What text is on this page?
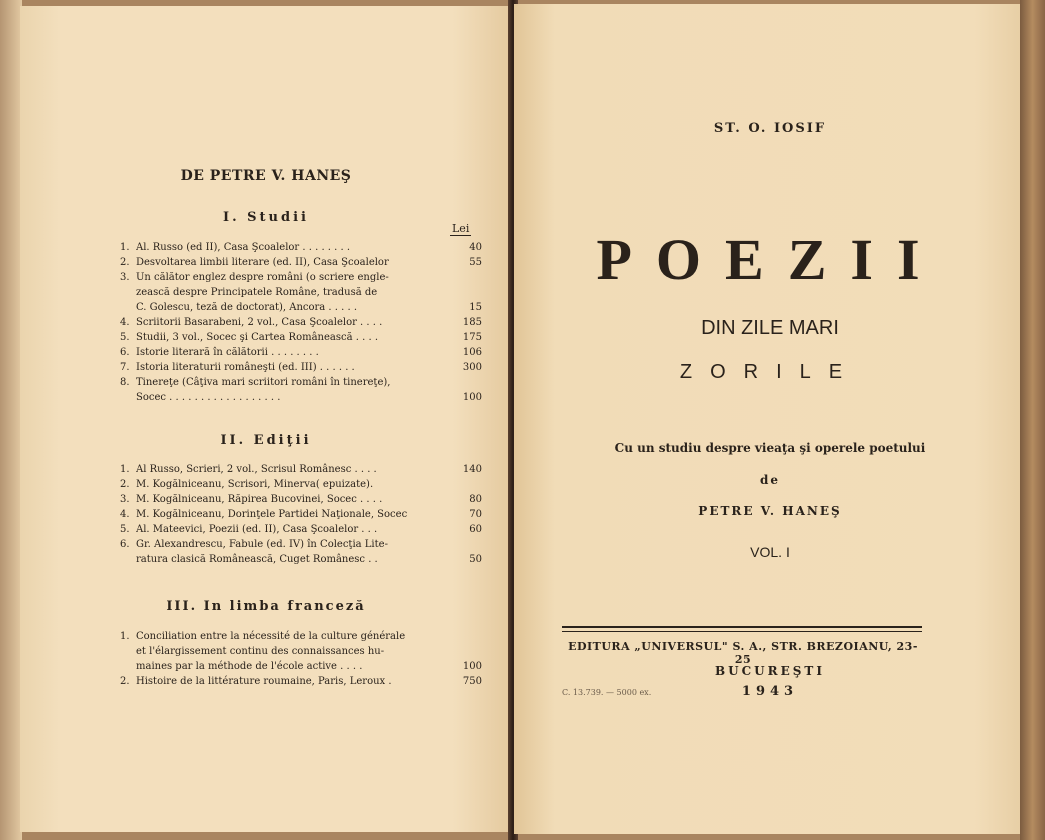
DE PETRE V. HANEŞ
I. Studii
Lei
1. Al. Russo (ed II), Casa Şcoalelor . . . . . . . .	40
2. Desvoltarea limbii literare (ed. II), Casa Şcoalelor	55
3. Un călător englez despre români (o scriere engle-
zească despre Principatele Române, tradusă de
C. Golescu, teză de doctorat), Ancora . . . . .	15
4. Scriitorii Basarabeni, 2 vol., Casa Şcoalelor . . . .	185
5. Studii, 3 vol., Socec şi Cartea Românească . . . .	175
6. Istorie literară în călătorii . . . . . . . .	106
7. Istoria literaturii româneşti (ed. III) . . . . . .	300
8. Tinereţe (Câţiva mari scriitori români în tinereţe),
Socec . . . . . . . . . . . . . . . . . .	100
II. Ediţii
1. Al Russo, Scrieri, 2 vol., Scrisul Românesc . . . .	140
2. M. Kogălniceanu, Scrisori, Minerva( epuizate).
3. M. Kogălniceanu, Răpirea Bucovinei, Socec . . . .	80
4. M. Kogălniceanu, Dorinţele Partidei Naţionale, Socec	70
5. Al. Mateevici, Poezii (ed. II), Casa Şcoalelor . . .	60
6. Gr. Alexandrescu, Fabule (ed. IV) în Colecţia Lite-
ratura clasică Românească, Cuget Românesc . .	50
III. In limba franceză
1. Conciliation entre la nécessité de la culture générale
et l'élargissement continu des connaissances hu-
maines par la méthode de l'école active . . . .	100
2. Histoire de la littérature roumaine, Paris, Leroux .	750
ST. O. IOSIF
POEZII
DIN ZILE MARI
ZORILE
Cu un studiu despre vieaţa şi operele poetului
de
PETRE V. HANEŞ
VOL. I
EDITURA „UNIVERSUL" S. A., STR. BREZOIANU, 23-25
BUCUREŞTI
C. 13.739. — 5000 ex.	1943
